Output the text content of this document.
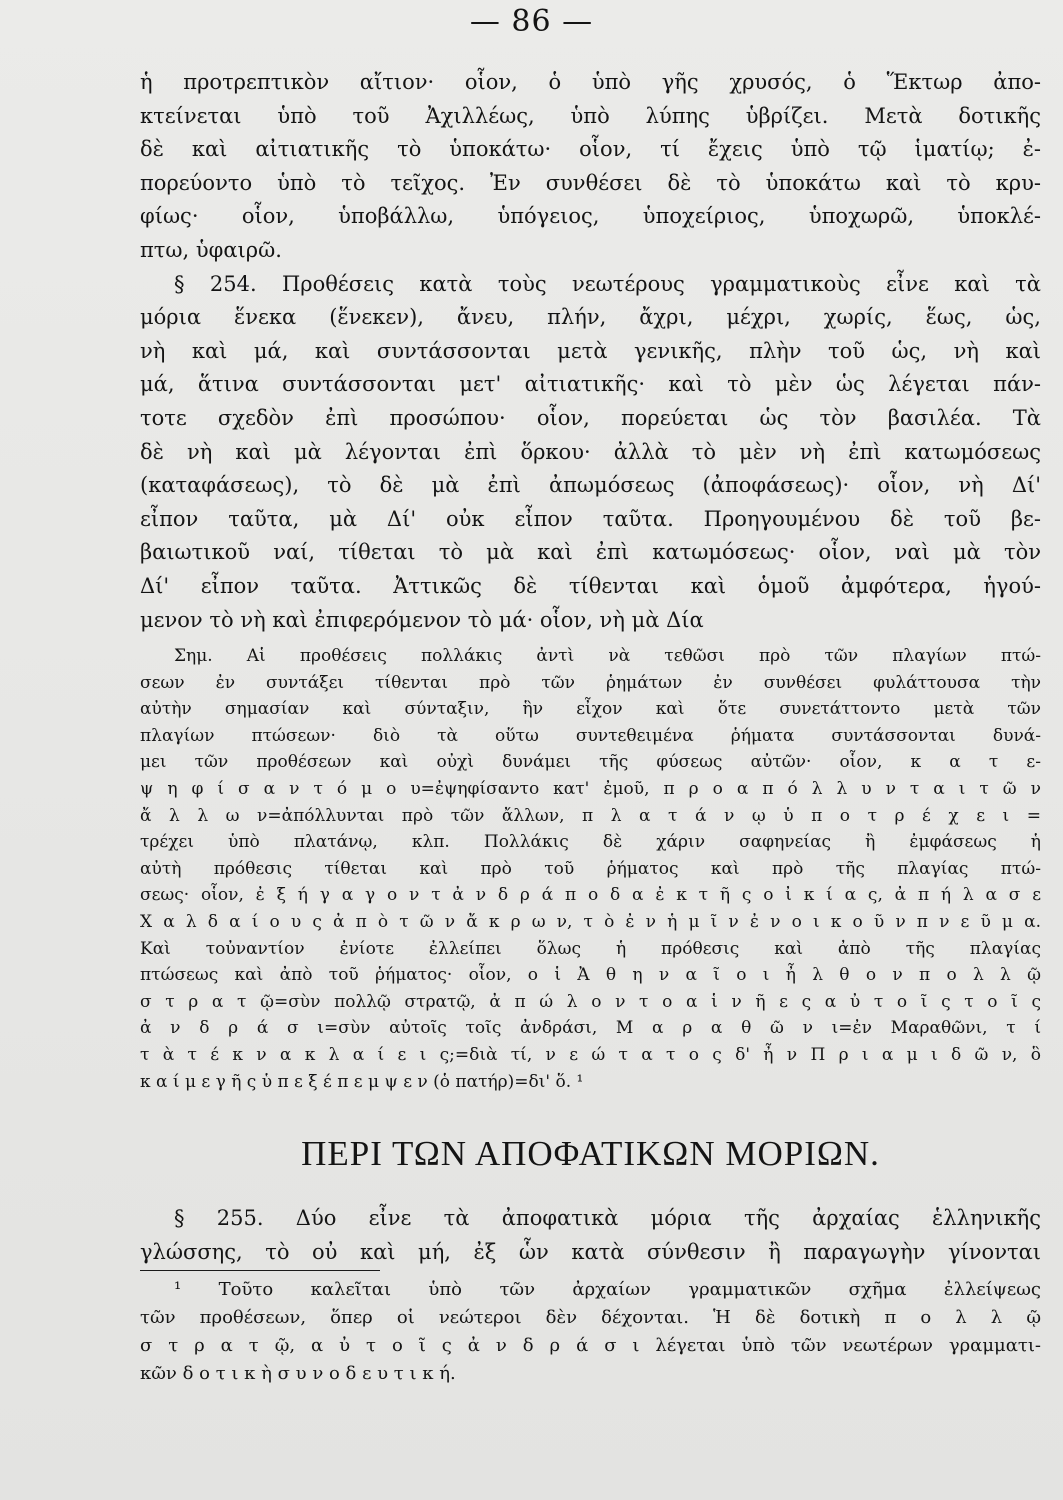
— 86 —
ἡ προτρεπτικὸν αἴτιον· οἷον, ὁ ὑπὸ γῆς χρυσός, ὁ Ἕκτωρ ἀπο-
κτείνεται ὑπὸ τοῦ Ἀχιλλέως, ὑπὸ λύπης ὑβρίζει. Μετὰ δοτικῆς
δὲ καὶ αἰτιατικῆς τὸ ὑποκάτω· οἷον, τί ἔχεις ὑπὸ τῷ ἱματίῳ; ἐ-
πορεύοντο ὑπὸ τὸ τεῖχος. Ἐν συνθέσει δὲ τὸ ὑποκάτω καὶ τὸ κρυ-
φίως· οἷον, ὑποβάλλω, ὑπόγειος, ὑποχείριος, ὑποχωρῶ, ὑποκλέ-
πτω, ὑφαιρῶ.
§ 254. Προθέσεις κατὰ τοὺς νεωτέρους γραμματικοὺς εἶνε καὶ τὰ
μόρια ἕνεκα (ἕνεκεν), ἄνευ, πλήν, ἄχρι, μέχρι, χωρίς, ἕως, ὡς,
νὴ καὶ μά, καὶ συντάσσονται μετὰ γενικῆς, πλὴν τοῦ ὡς, νὴ καὶ
μά, ἅτινα συντάσσονται μετ' αἰτιατικῆς· καὶ τὸ μὲν ὡς λέγεται πάν-
τοτε σχεδὸν ἐπὶ προσώπου· οἷον, πορεύεται ὡς τὸν βασιλέα. Τὰ
δὲ νὴ καὶ μὰ λέγονται ἐπὶ ὅρκου· ἀλλὰ τὸ μὲν νὴ ἐπὶ κατωμόσεως
(καταφάσεως), τὸ δὲ μὰ ἐπὶ ἀπωμόσεως (ἀποφάσεως)· οἷον, νὴ Δί'
εἶπον ταῦτα, μὰ Δί' οὐκ εἶπον ταῦτα. Προηγουμένου δὲ τοῦ βε-
βαιωτικοῦ ναί, τίθεται τὸ μὰ καὶ ἐπὶ κατωμόσεως· οἷον, ναὶ μὰ τὸν
Δί' εἶπον ταῦτα. Ἀττικῶς δὲ τίθενται καὶ ὁμοῦ ἀμφότερα, ἡγού-
μενον τὸ νὴ καὶ ἐπιφερόμενον τὸ μά· οἷον, νὴ μὰ Δία
Σημ. Αἱ προθέσεις πολλάκις ἀντὶ νὰ τεθῶσι πρὸ τῶν πλαγίων πτώ-
σεων ἐν συντάξει τίθενται πρὸ τῶν ῥημάτων ἐν συνθέσει φυλάττουσα τὴν
αὐτὴν σημασίαν καὶ σύνταξιν, ἣν εἶχον καὶ ὅτε συνετάττοντο μετὰ τῶν
πλαγίων πτώσεων· διὸ τὰ οὕτω συντεθειμένα ῥήματα συντάσσονται δυνά-
μει τῶν προθέσεων καὶ οὐχὶ δυνάμει τῆς φύσεως αὐτῶν· οἷον, κ α τ ε-
ψ η φ ί σ α ν τ ό μ ο υ=ἐψηφίσαντο κατ' ἐμοῦ, π ρ ο α π ό λ λ υ ν τ α ι τ ῶ ν
ἄ λ λ ω ν=ἀπόλλυνται πρὸ τῶν ἄλλων, π λ α τ ά ν ῳ ὑ π ο τ ρ έ χ ε ι =
τρέχει ὑπὸ πλατάνῳ, κλπ. Πολλάκις δὲ χάριν σαφηνείας ἢ ἐμφάσεως ἡ
αὐτὴ πρόθεσις τίθεται καὶ πρὸ τοῦ ῥήματος καὶ πρὸ τῆς πλαγίας πτώ-
σεως· οἷον, ἐ ξ ή γ α γ ο ν τ ἀ ν δ ρ ά π ο δ α ἐ κ τ ῆ ς ο ἰ κ ί α ς, ἀ π ή λ α σ ε
Χ α λ δ α ί ο υ ς ἀ π ὸ τ ῶ ν ἄ κ ρ ω ν, τ ὸ ἐ ν ἡ μ ῖ ν ἐ ν ο ι κ ο ῦ ν π ν ε ῦ μ α.
Καὶ τοὐναντίον ἐνίοτε ἐλλείπει ὅλως ἡ πρόθεσις καὶ ἀπὸ τῆς πλαγίας
πτώσεως καὶ ἀπὸ τοῦ ῥήματος· οἷον, ο ἱ Ἀ θ η ν α ῖ ο ι ἦ λ θ ο ν π ο λ λ ῷ
σ τ ρ α τ ῷ=σὺν πολλῷ στρατῷ, ἀ π ώ λ ο ν τ ο α ἱ ν ῆ ε ς α ὐ τ ο ῖ ς τ ο ῖ ς
ἀ ν δ ρ ά σ ι=σὺν αὐτοῖς τοῖς ἀνδράσι, Μ α ρ α θ ῶ ν ι=ἐν Μαραθῶνι, τ ί
τ ὰ τ έ κ ν α κ λ α ί ε ι ς;=διὰ τί, ν ε ώ τ α τ ο ς δ' ἦ ν Π ρ ι α μ ι δ ῶ ν, ὃ
κ α ί μ ε γ ῆ ς ὑ π ε ξ έ π ε μ ψ ε ν (ὁ πατήρ)=δι' ὅ. ¹
ΠΕΡΙ ΤΩΝ ΑΠΟΦΑΤΙΚΩΝ ΜΟΡΙΩΝ.
§ 255. Δύο εἶνε τὰ ἀποφατικὰ μόρια τῆς ἀρχαίας ἑλληνικῆς
γλώσσης, τὸ οὐ καὶ μή, ἐξ ὧν κατὰ σύνθεσιν ἢ παραγωγὴν γίνονται
¹ Τοῦτο καλεῖται ὑπὸ τῶν ἀρχαίων γραμματικῶν σχῆμα ἐλλείψεως
τῶν προθέσεων, ὅπερ οἱ νεώτεροι δὲν δέχονται. Ἡ δὲ δοτικὴ π ο λ λ ῷ
σ τ ρ α τ ῷ, α ὐ τ ο ῖ ς ἀ ν δ ρ ά σ ι λέγεται ὑπὸ τῶν νεωτέρων γραμματι-
κῶν δ ο τ ι κ ὴ σ υ ν ο δ ε υ τ ι κ ή.
